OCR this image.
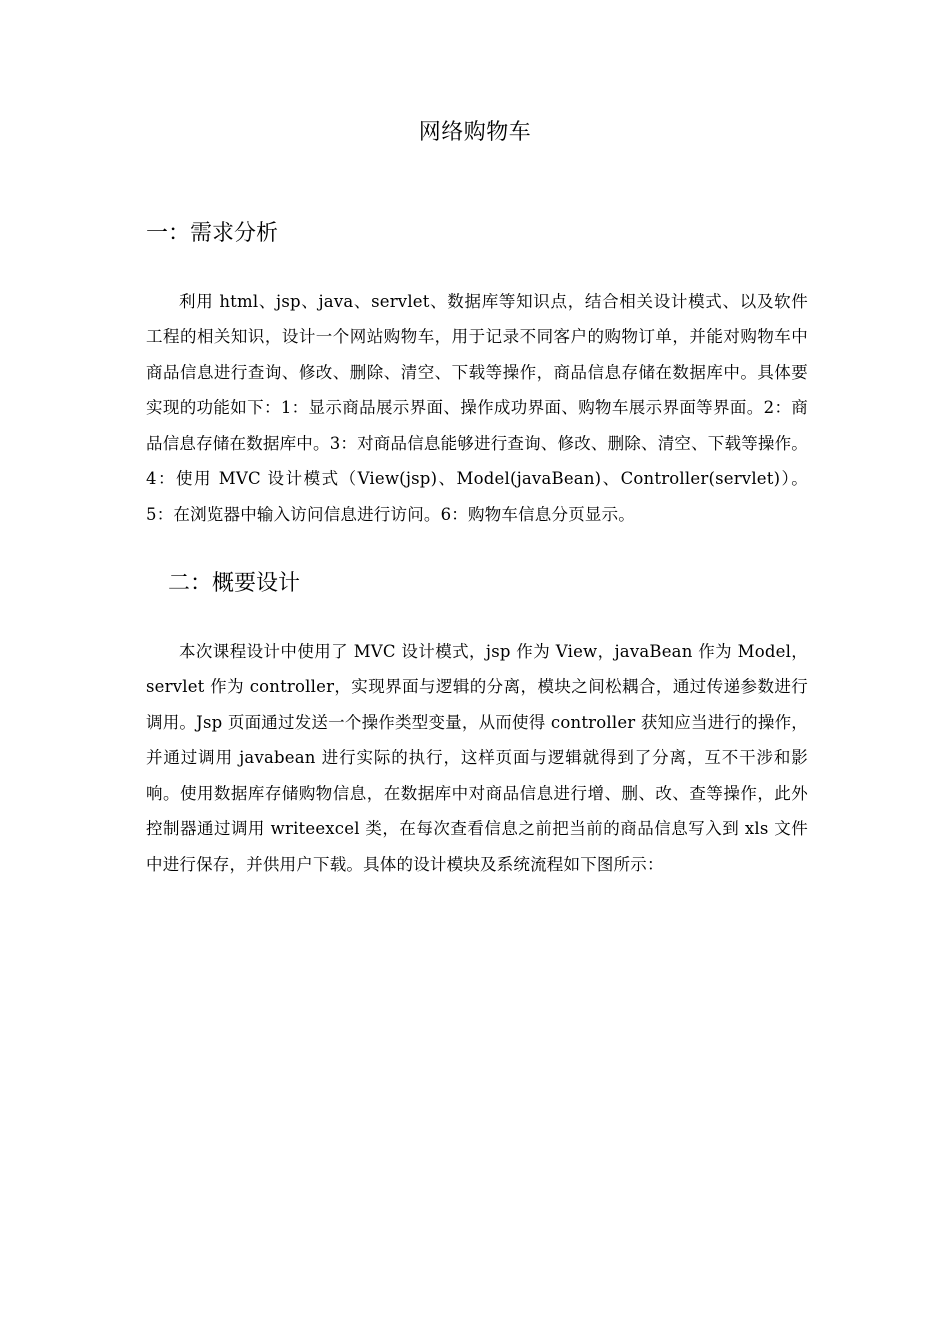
网络购物车
一：需求分析

利用 html、jsp、java、servlet、数据库等知识点，结合相关设计模式、以及软件工程的相关知识，设计一个网站购物车，用于记录不同客户的购物订单，并能对购物车中商品信息进行查询、修改、删除、清空、下载等操作，商品信息存储在数据库中。具体要实现的功能如下：1：显示商品展示界面、操作成功界面、购物车展示界面等界面。2：商品信息存储在数据库中。3：对商品信息能够进行查询、修改、删除、清空、下载等操作。4：使用 MVC 设计模式（View(jsp)、Model(javaBean)、Controller(servlet)）。5：在浏览器中输入访问信息进行访问。6：购物车信息分页显示。

二：概要设计

本次课程设计中使用了 MVC 设计模式，jsp 作为 View，javaBean 作为 Model，servlet 作为 controller，实现界面与逻辑的分离，模块之间松耦合，通过传递参数进行调用。Jsp 页面通过发送一个操作类型变量，从而使得 controller 获知应当进行的操作，并通过调用 javabean 进行实际的执行，这样页面与逻辑就得到了分离，互不干涉和影响。使用数据库存储购物信息，在数据库中对商品信息进行增、删、改、查等操作，此外控制器通过调用 writeexcel 类，在每次查看信息之前把当前的商品信息写入到 xls 文件中进行保存，并供用户下载。具体的设计模块及系统流程如下图所示：
